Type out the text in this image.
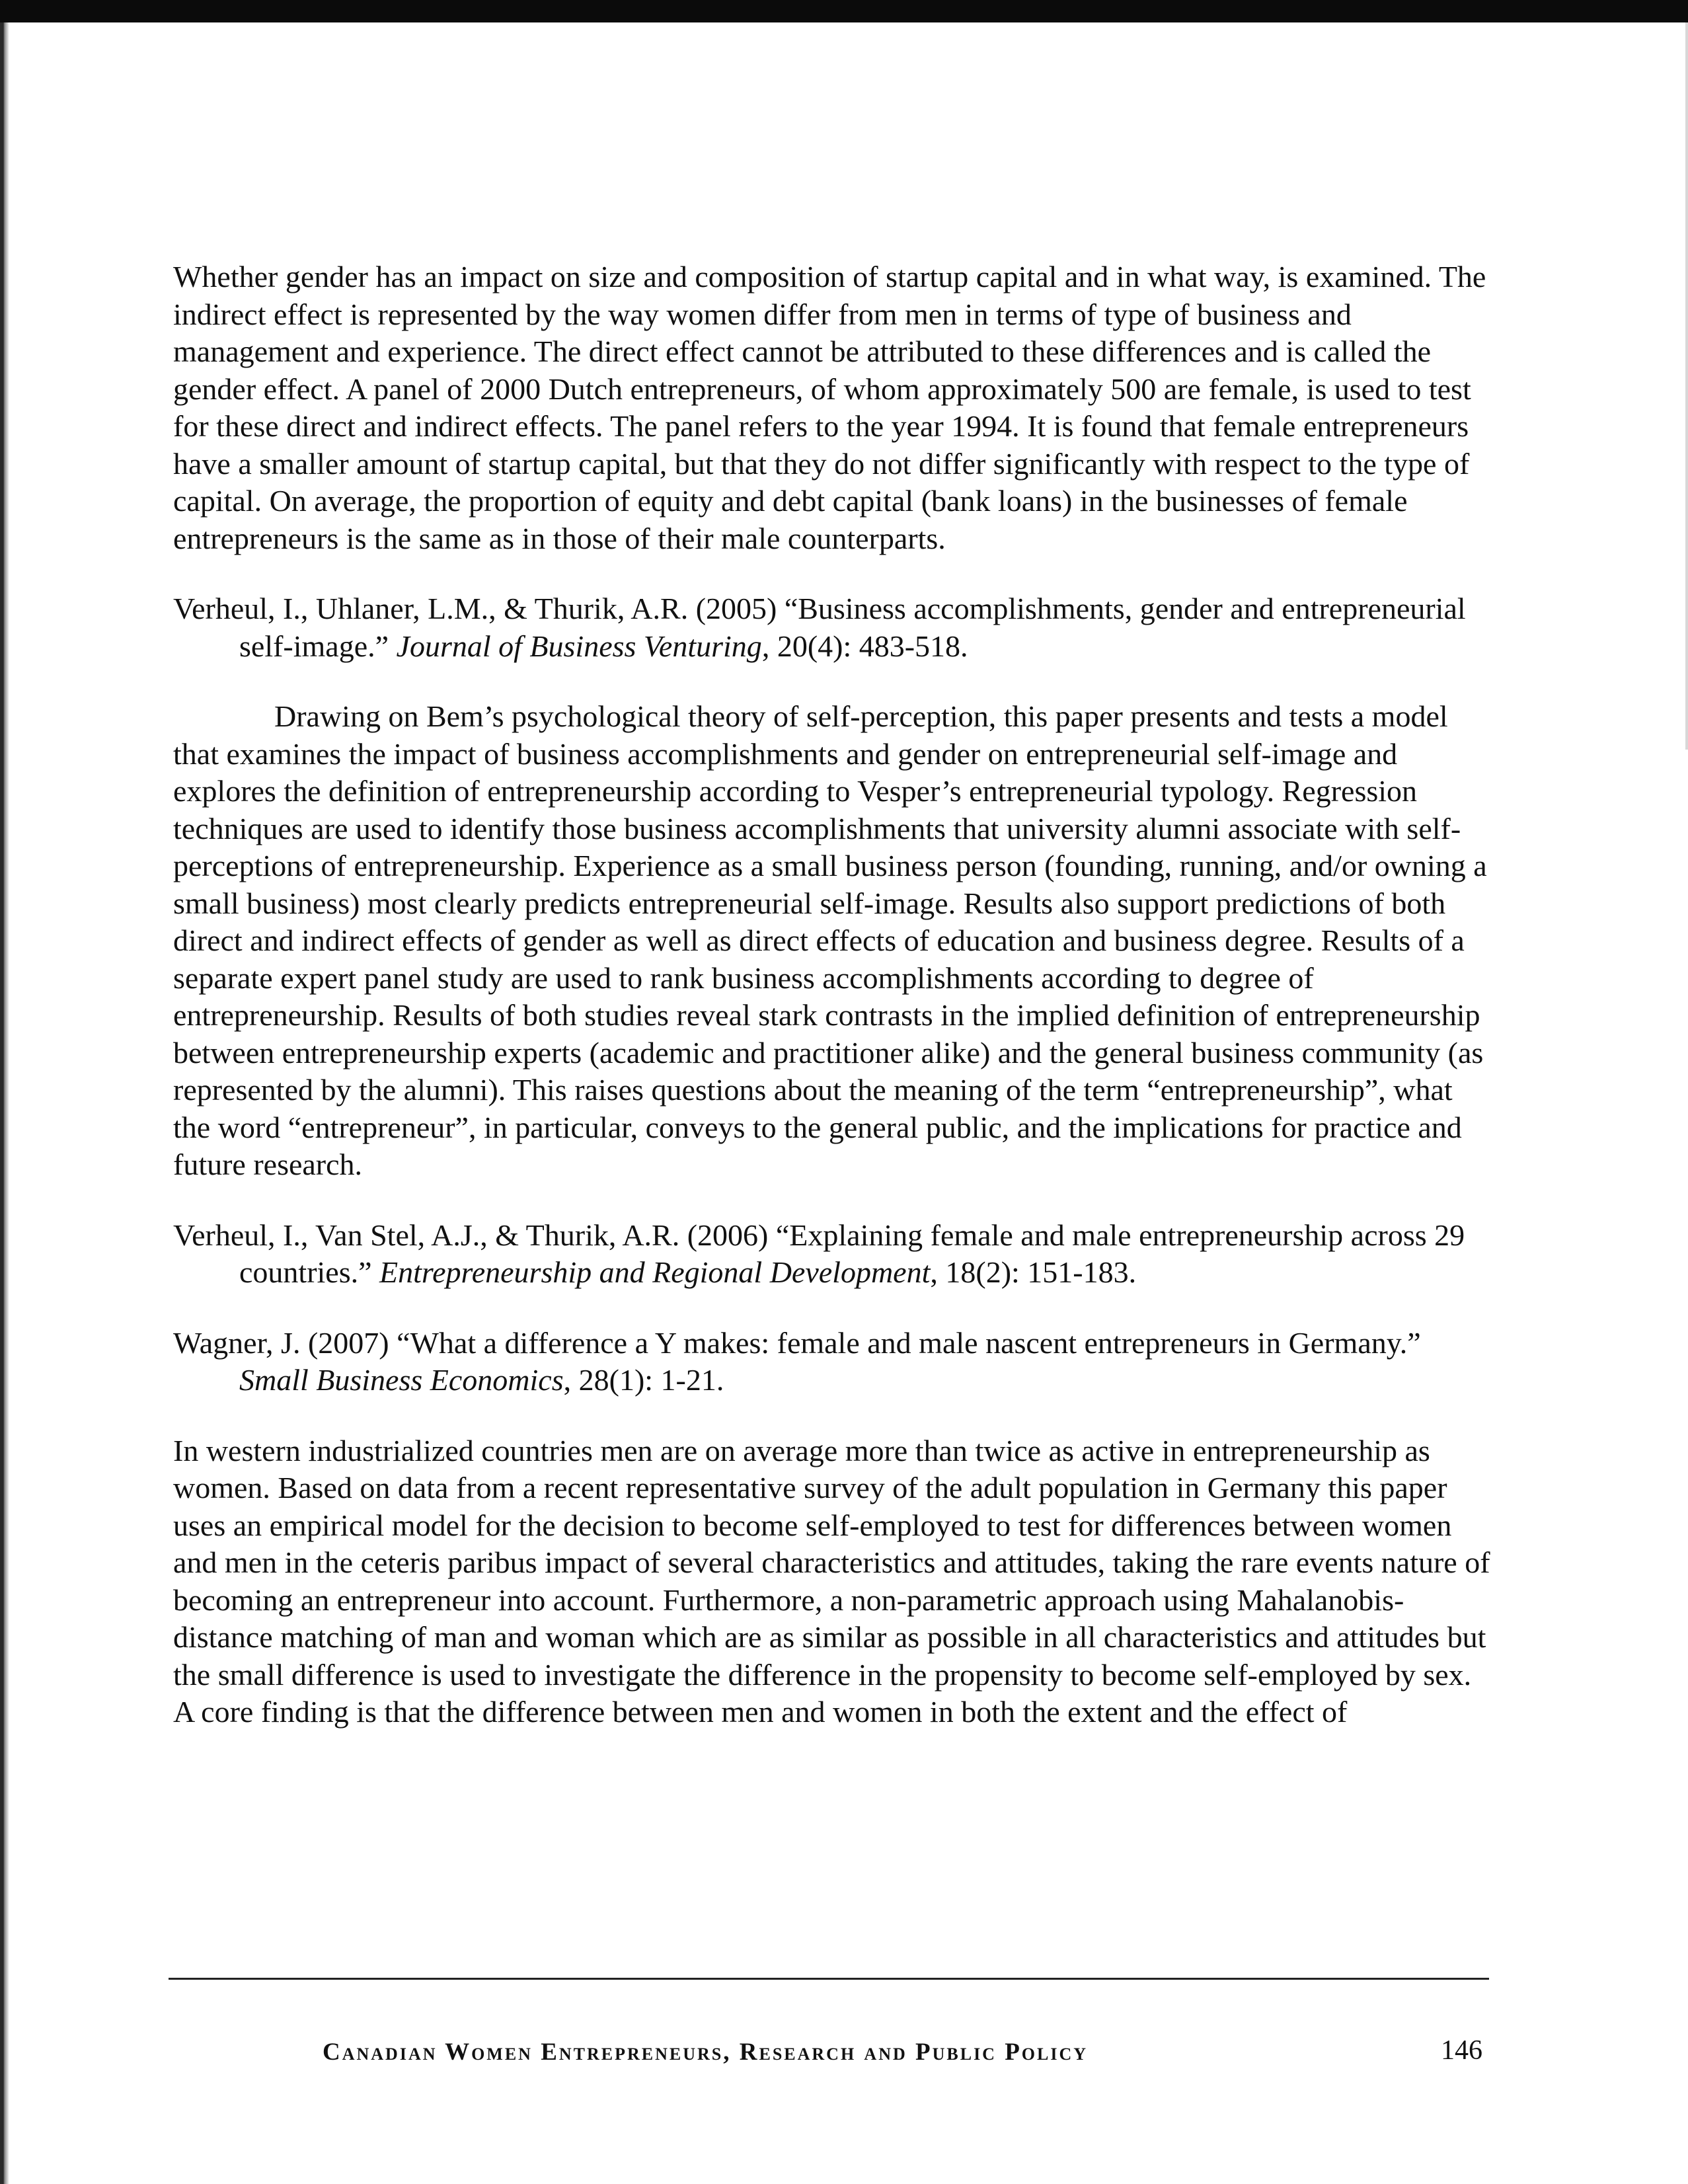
Whether gender has an impact on size and composition of startup capital and in what way, is examined. The indirect effect is represented by the way women differ from men in terms of type of business and management and experience. The direct effect cannot be attributed to these differences and is called the gender effect. A panel of 2000 Dutch entrepreneurs, of whom approximately 500 are female, is used to test for these direct and indirect effects. The panel refers to the year 1994. It is found that female entrepreneurs have a smaller amount of startup capital, but that they do not differ significantly with respect to the type of capital. On average, the proportion of equity and debt capital (bank loans) in the businesses of female entrepreneurs is the same as in those of their male counterparts.

Verheul, I., Uhlaner, L.M., & Thurik, A.R. (2005) “Business accomplishments, gender and entrepreneurial self-image.” Journal of Business Venturing, 20(4): 483-518.

Drawing on Bem’s psychological theory of self-perception, this paper presents and tests a model that examines the impact of business accomplishments and gender on entrepreneurial self-image and explores the definition of entrepreneurship according to Vesper’s entrepreneurial typology. Regression techniques are used to identify those business accomplishments that university alumni associate with self-perceptions of entrepreneurship. Experience as a small business person (founding, running, and/or owning a small business) most clearly predicts entrepreneurial self-image. Results also support predictions of both direct and indirect effects of gender as well as direct effects of education and business degree. Results of a separate expert panel study are used to rank business accomplishments according to degree of entrepreneurship. Results of both studies reveal stark contrasts in the implied definition of entrepreneurship between entrepreneurship experts (academic and practitioner alike) and the general business community (as represented by the alumni). This raises questions about the meaning of the term “entrepreneurship”, what the word “entrepreneur”, in particular, conveys to the general public, and the implications for practice and future research.

Verheul, I., Van Stel, A.J., & Thurik, A.R. (2006) “Explaining female and male entrepreneurship across 29 countries.” Entrepreneurship and Regional Development, 18(2): 151-183.

Wagner, J. (2007) “What a difference a Y makes: female and male nascent entrepreneurs in Germany.” Small Business Economics, 28(1): 1-21.

In western industrialized countries men are on average more than twice as active in entrepreneurship as women. Based on data from a recent representative survey of the adult population in Germany this paper uses an empirical model for the decision to become self-employed to test for differences between women and men in the ceteris paribus impact of several characteristics and attitudes, taking the rare events nature of becoming an entrepreneur into account. Furthermore, a non-parametric approach using Mahalanobis-distance matching of man and woman which are as similar as possible in all characteristics and attitudes but the small difference is used to investigate the difference in the propensity to become self-employed by sex. A core finding is that the difference between men and women in both the extent and the effect of

Canadian Women Entrepreneurs, Research and Public Policy	146
